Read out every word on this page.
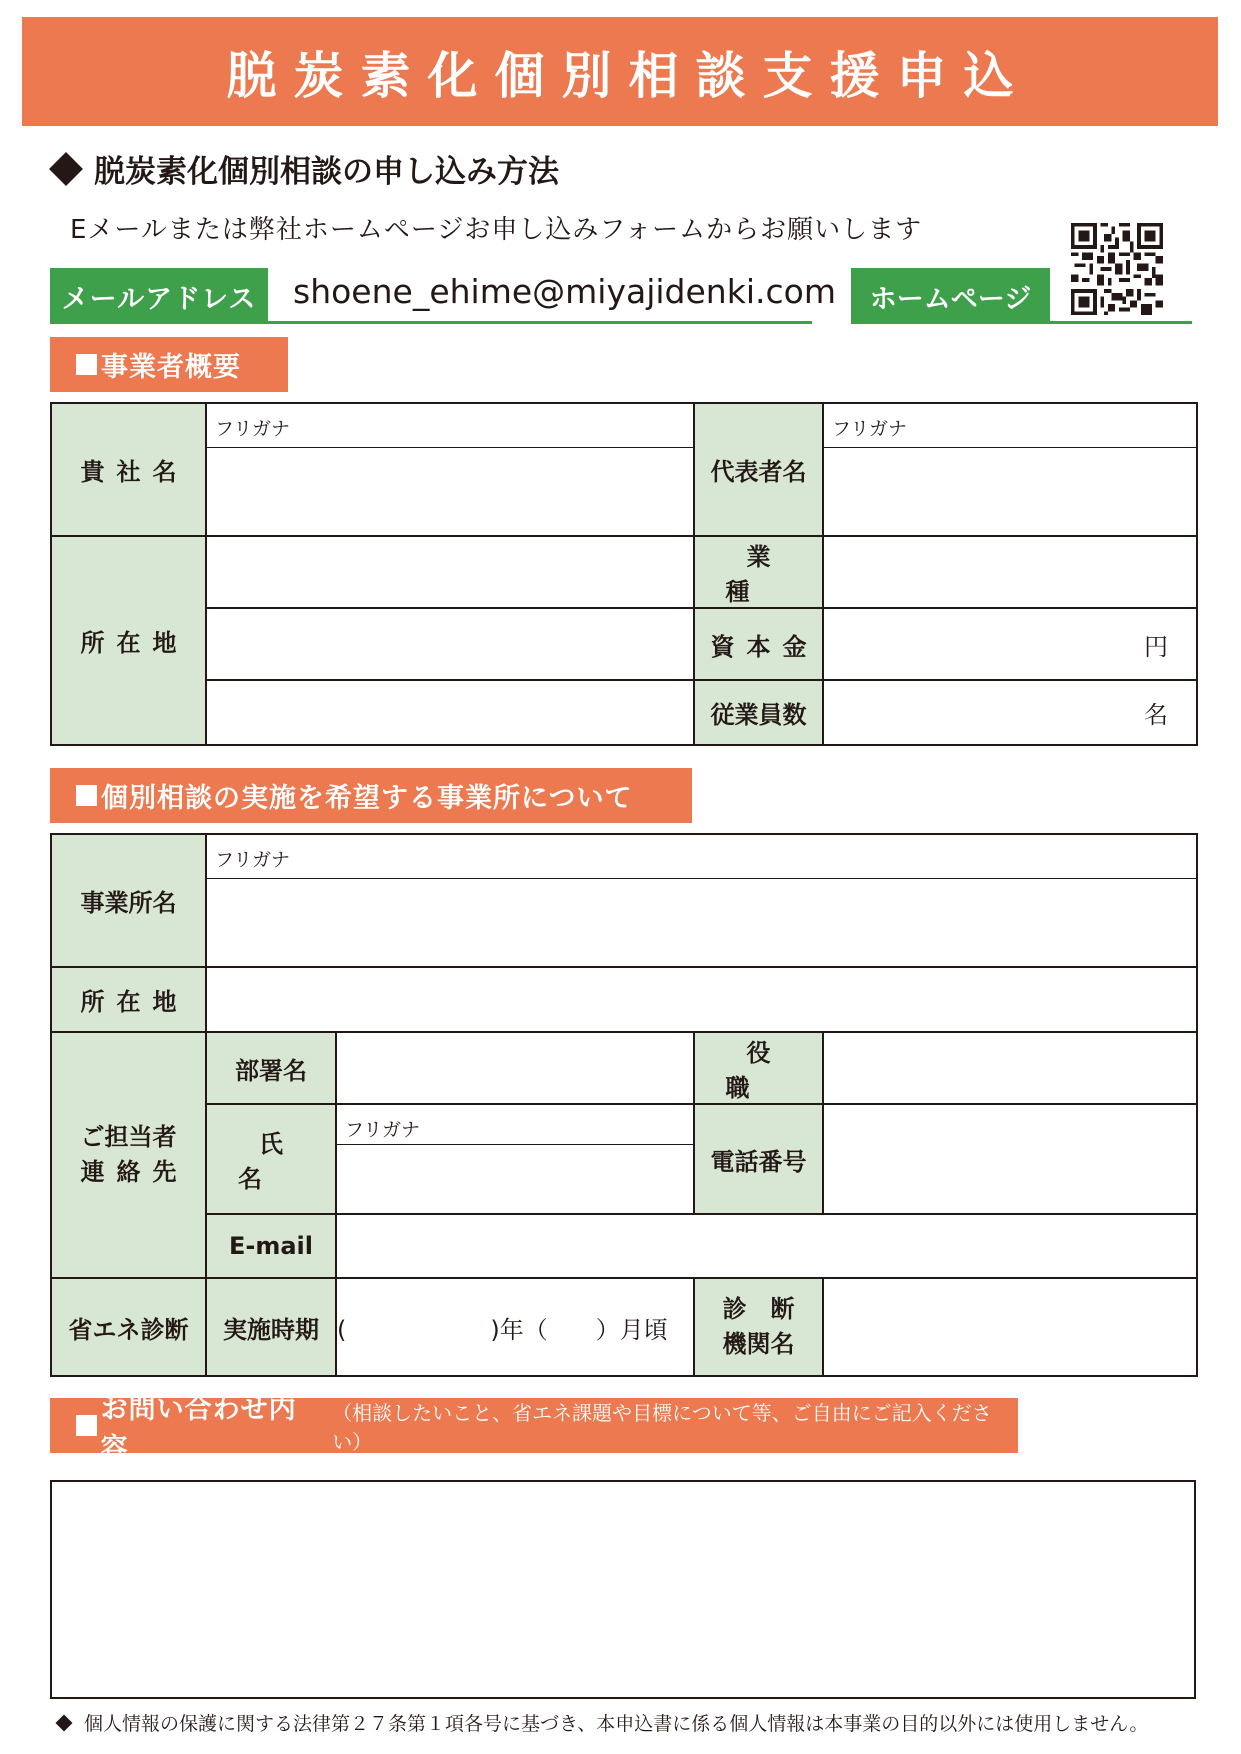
脱炭素化個別相談支援申込
脱炭素化個別相談の申し込み方法
Eメールまたは弊社ホームページお申し込みフォームからお願いします
メールアドレス	shoene_ehime@miyajidenki.com	ホームページ
事業者概要
貴社名	フリガナ	代表者名	フリガナ

所在地		業種	
		資本金	円
		従業員数	名
個別相談の実施を希望する事業所について
事業所名	フリガナ			

所在地				

ご担当者
連絡先	部署名		役職	
	氏名	フリガナ	電話番号	

	E-mail			
省エネ診断	実施時期	(　　　　　　)年（　　）月頃	診　断
機関名	

お問い合わせ内容
（相談したいこと、省エネ課題や目標について等、ご自由にご記入ください）
個人情報の保護に関する法律第２７条第１項各号に基づき、本申込書に係る個人情報は本事業の目的以外には使用しません。
